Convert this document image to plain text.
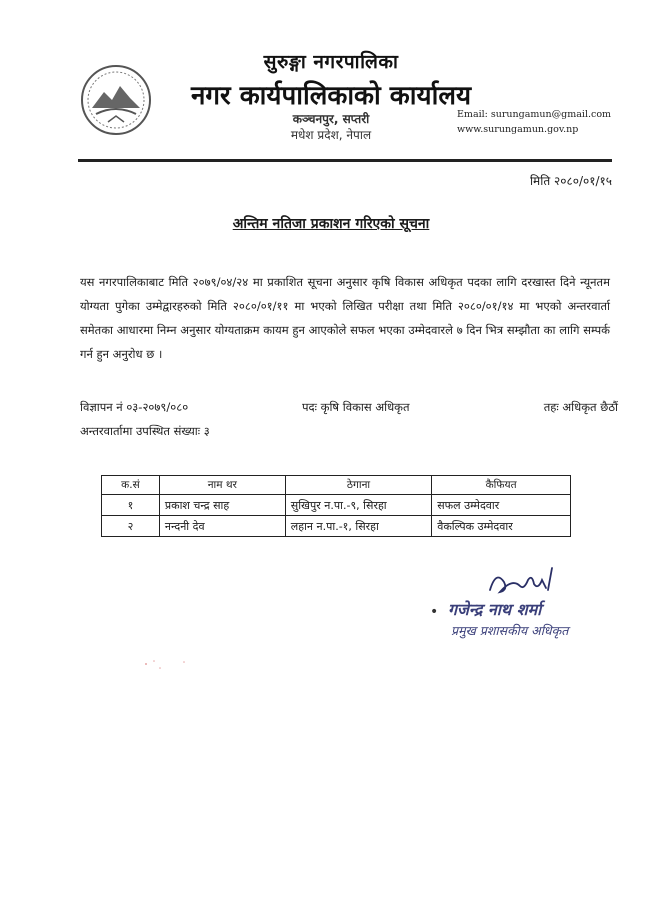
सुरुङ्गा नगरपालिका
नगर कार्यपालिकाको कार्यालय
कञ्चनपुर, सप्तरी
मधेश प्रदेश, नेपाल
Email: surungamun@gmail.com
www.surungamun.gov.np
मिति २०८०/०१/१५
अन्तिम नतिजा प्रकाशन गरिएको सूचना
यस नगरपालिकाबाट मिति २०७९/०४/२४ मा प्रकाशित सूचना अनुसार कृषि विकास अधिकृत पदका लागि दरखास्त दिने न्यूनतम योग्यता पुगेका उम्मेद्वारहरुको मिति २०८०/०१/११ मा भएको लिखित परीक्षा तथा मिति २०८०/०१/१४ मा भएको अन्तरवार्ता समेतका आधारमा निम्न अनुसार योग्यताक्रम कायम हुन आएकोले सफल भएका उम्मेदवारले ७ दिन भित्र सम्झौता का लागि सम्पर्क गर्न हुन अनुरोध छ ।
विज्ञापन नं ०३-२०७९/०८०	पदः कृषि विकास अधिकृत	तहः अधिकृत छैठौं
अन्तरवार्तामा उपस्थित संख्याः ३
क.सं	नाम थर	ठेगाना	कैफियत
१	प्रकाश चन्द्र साह	सुखिपुर न.पा.-९, सिरहा	सफल उम्मेदवार
२	नन्दनी देव	लहान न.पा.-१, सिरहा	वैकल्पिक उम्मेदवार
• गजेन्द्र नाथ शर्मा
प्रमुख प्रशासकीय अधिकृत
